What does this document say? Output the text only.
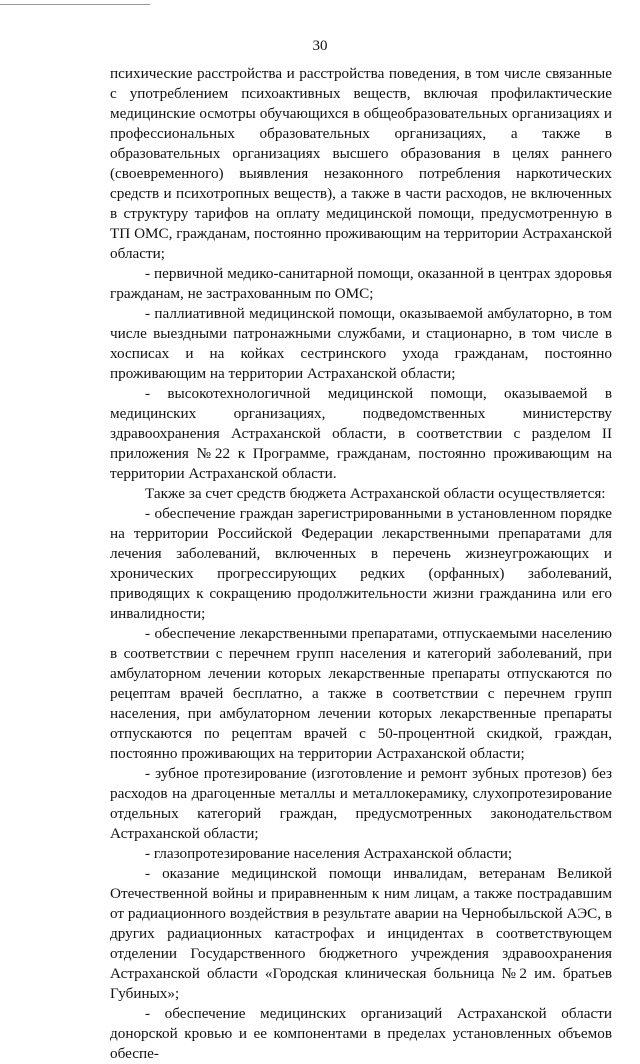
30

психические расстройства и расстройства поведения, в том числе связанные с употреблением психоактивных веществ, включая профилактические медицинские осмотры обучающихся в общеобразовательных организациях и профессиональных образовательных организациях, а также в образовательных организациях высшего образования в целях раннего (своевременного) выявления незаконного потребления наркотических средств и психотропных веществ), а также в части расходов, не включенных в структуру тарифов на оплату медицинской помощи, предусмотренную в ТП ОМС, гражданам, постоянно проживающим на территории Астраханской области;

- первичной медико-санитарной помощи, оказанной в центрах здоровья гражданам, не застрахованным по ОМС;

- паллиативной медицинской помощи, оказываемой амбулаторно, в том числе выездными патронажными службами, и стационарно, в том числе в хосписах и на койках сестринского ухода гражданам, постоянно проживающим на территории Астраханской области;

- высокотехнологичной медицинской помощи, оказываемой в медицинских организациях, подведомственных министерству здравоохранения Астраханской области, в соответствии с разделом II приложения №22 к Программе, гражданам, постоянно проживающим на территории Астраханской области.

Также за счет средств бюджета Астраханской области осуществляется:

- обеспечение граждан зарегистрированными в установленном порядке на территории Российской Федерации лекарственными препаратами для лечения заболеваний, включенных в перечень жизнеугрожающих и хронических прогрессирующих редких (орфанных) заболеваний, приводящих к сокращению продолжительности жизни гражданина или его инвалидности;

- обеспечение лекарственными препаратами, отпускаемыми населению в соответствии с перечнем групп населения и категорий заболеваний, при амбулаторном лечении которых лекарственные препараты отпускаются по рецептам врачей бесплатно, а также в соответствии с перечнем групп населения, при амбулаторном лечении которых лекарственные препараты отпускаются по рецептам врачей с 50-процентной скидкой, граждан, постоянно проживающих на территории Астраханской области;

- зубное протезирование (изготовление и ремонт зубных протезов) без расходов на драгоценные металлы и металлокерамику, слухопротезирование отдельных категорий граждан, предусмотренных законодательством Астраханской области;

- глазопротезирование населения Астраханской области;

- оказание медицинской помощи инвалидам, ветеранам Великой Отечественной войны и приравненным к ним лицам, а также пострадавшим от радиационного воздействия в результате аварии на Чернобыльской АЭС, в других радиационных катастрофах и инцидентах в соответствующем отделении Государственного бюджетного учреждения здравоохранения Астраханской области «Городская клиническая больница №2 им. братьев Губиных»;

- обеспечение медицинских организаций Астраханской области донорской кровью и ее компонентами в пределах установленных объемов обеспе-
